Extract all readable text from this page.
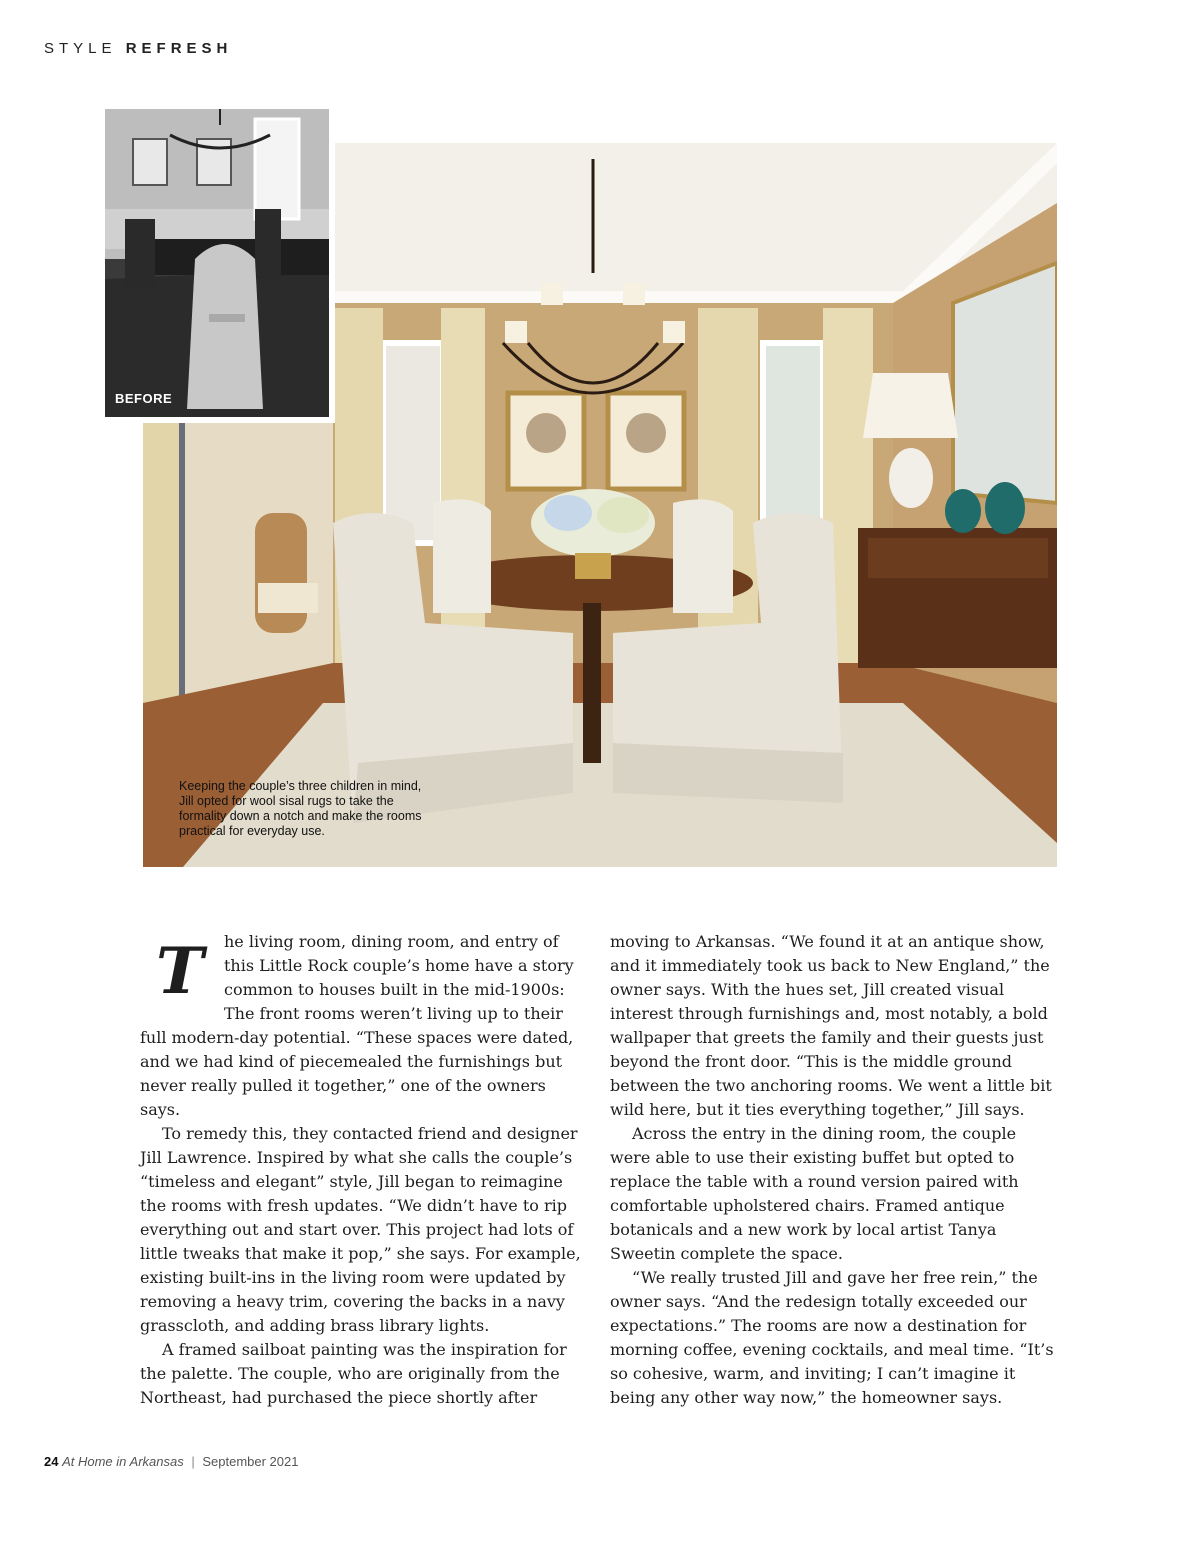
STYLE REFRESH

Keeping the couple’s three children in mind, Jill opted for wool sisal rugs to take the formality down a notch and make the rooms practical for everyday use.

BEFORE
T	he living room, dining room, and entry of this Little Rock couple’s home have a story common to houses built in the mid-1900s: The front rooms weren’t living up to their full modern-day potential. “These spaces were dated, and we had kind of piecemealed the furnishings but never really pulled it together,” one of the owners says.

To remedy this, they contacted friend and designer Jill Lawrence. Inspired by what she calls the couple’s “timeless and elegant” style, Jill began to reimagine the rooms with fresh updates. “We didn’t have to rip everything out and start over. This project had lots of little tweaks that make it pop,” she says. For example, existing built-ins in the living room were updated by removing a heavy trim, covering the backs in a navy grasscloth, and adding brass library lights.

A framed sailboat painting was the inspiration for the palette. The couple, who are originally from the Northeast, had purchased the piece shortly after

moving to Arkansas. “We found it at an antique show, and it immediately took us back to New England,” the owner says. With the hues set, Jill created visual interest through furnishings and, most notably, a bold wallpaper that greets the family and their guests just beyond the front door. “This is the middle ground between the two anchoring rooms. We went a little bit wild here, but it ties everything together,” Jill says.

Across the entry in the dining room, the couple were able to use their existing buffet but opted to replace the table with a round version paired with comfortable upholstered chairs. Framed antique botanicals and a new work by local artist Tanya Sweetin complete the space.

“We really trusted Jill and gave her free rein,” the owner says. “And the redesign totally exceeded our expectations.” The rooms are now a destination for morning coffee, evening cocktails, and meal time. “It’s so cohesive, warm, and inviting; I can’t imagine it being any other way now,” the homeowner says.

24 At Home in Arkansas | September 2021
